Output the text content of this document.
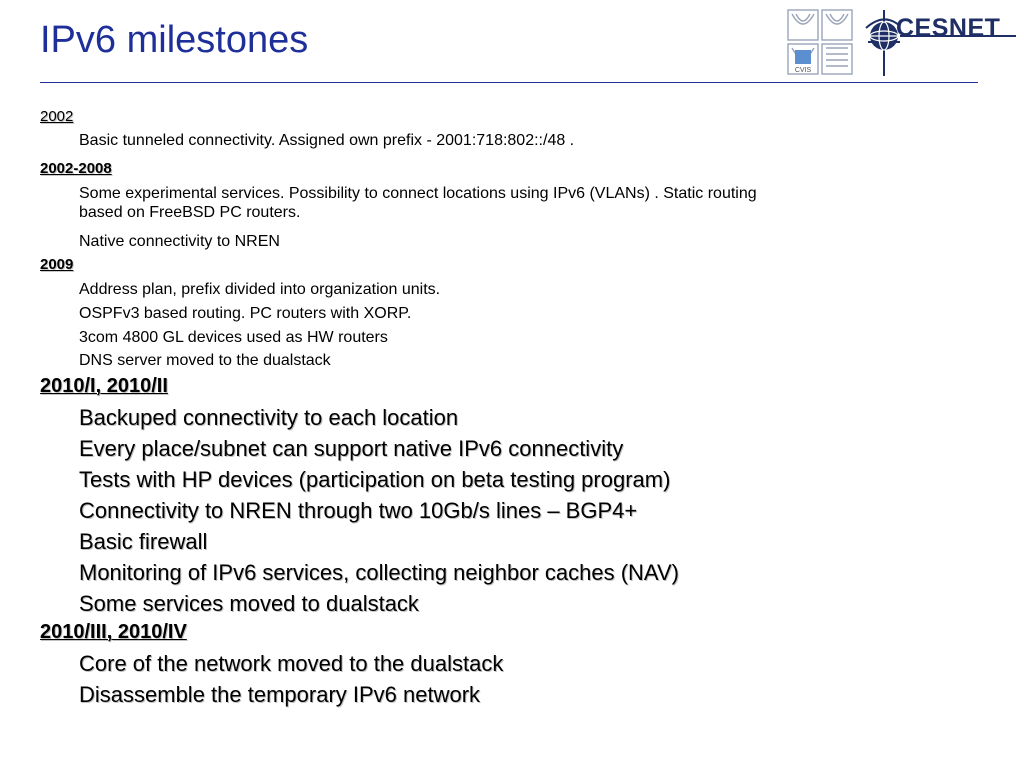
IPv6 milestones
CVIS
CESNET
2002
Basic tunneled connectivity. Assigned own prefix - 2001:718:802::/48 .
2002-2008
Some experimental services. Possibility to connect locations using IPv6 (VLANs) . Static routing
based on FreeBSD PC routers.
Native connectivity to NREN
2009
Address plan, prefix divided into organization units.
OSPFv3 based routing. PC routers with XORP.
3com 4800 GL devices used as HW routers
DNS server moved to the dualstack
2010/I, 2010/II
Backuped connectivity to each location
Every place/subnet can support native IPv6 connectivity
Tests with HP devices (participation on beta testing program)
Connectivity to NREN through two 10Gb/s lines – BGP4+
Basic firewall
Monitoring of IPv6 services, collecting neighbor caches (NAV)
Some services moved to dualstack
2010/III, 2010/IV
Core of the network moved to the dualstack
Disassemble the temporary IPv6 network
